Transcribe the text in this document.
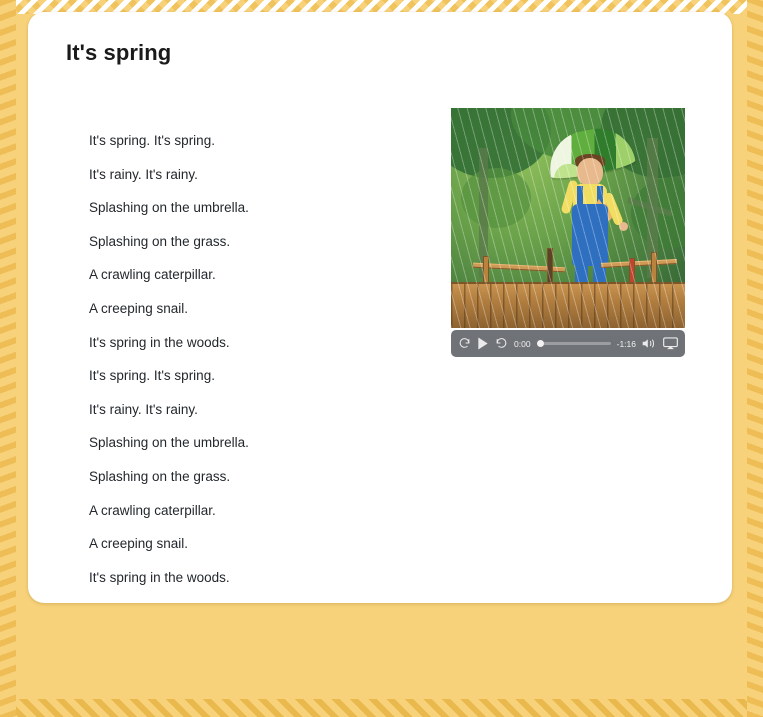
It's spring
It's spring. It's spring.
It's rainy. It's rainy.
Splashing on the umbrella.
Splashing on the grass.
A crawling caterpillar.
A creeping snail.
It's spring in the woods.
It's spring. It's spring.
It's rainy. It's rainy.
Splashing on the umbrella.
Splashing on the grass.
A crawling caterpillar.
A creeping snail.
It's spring in the woods.
0:00	-1:16
